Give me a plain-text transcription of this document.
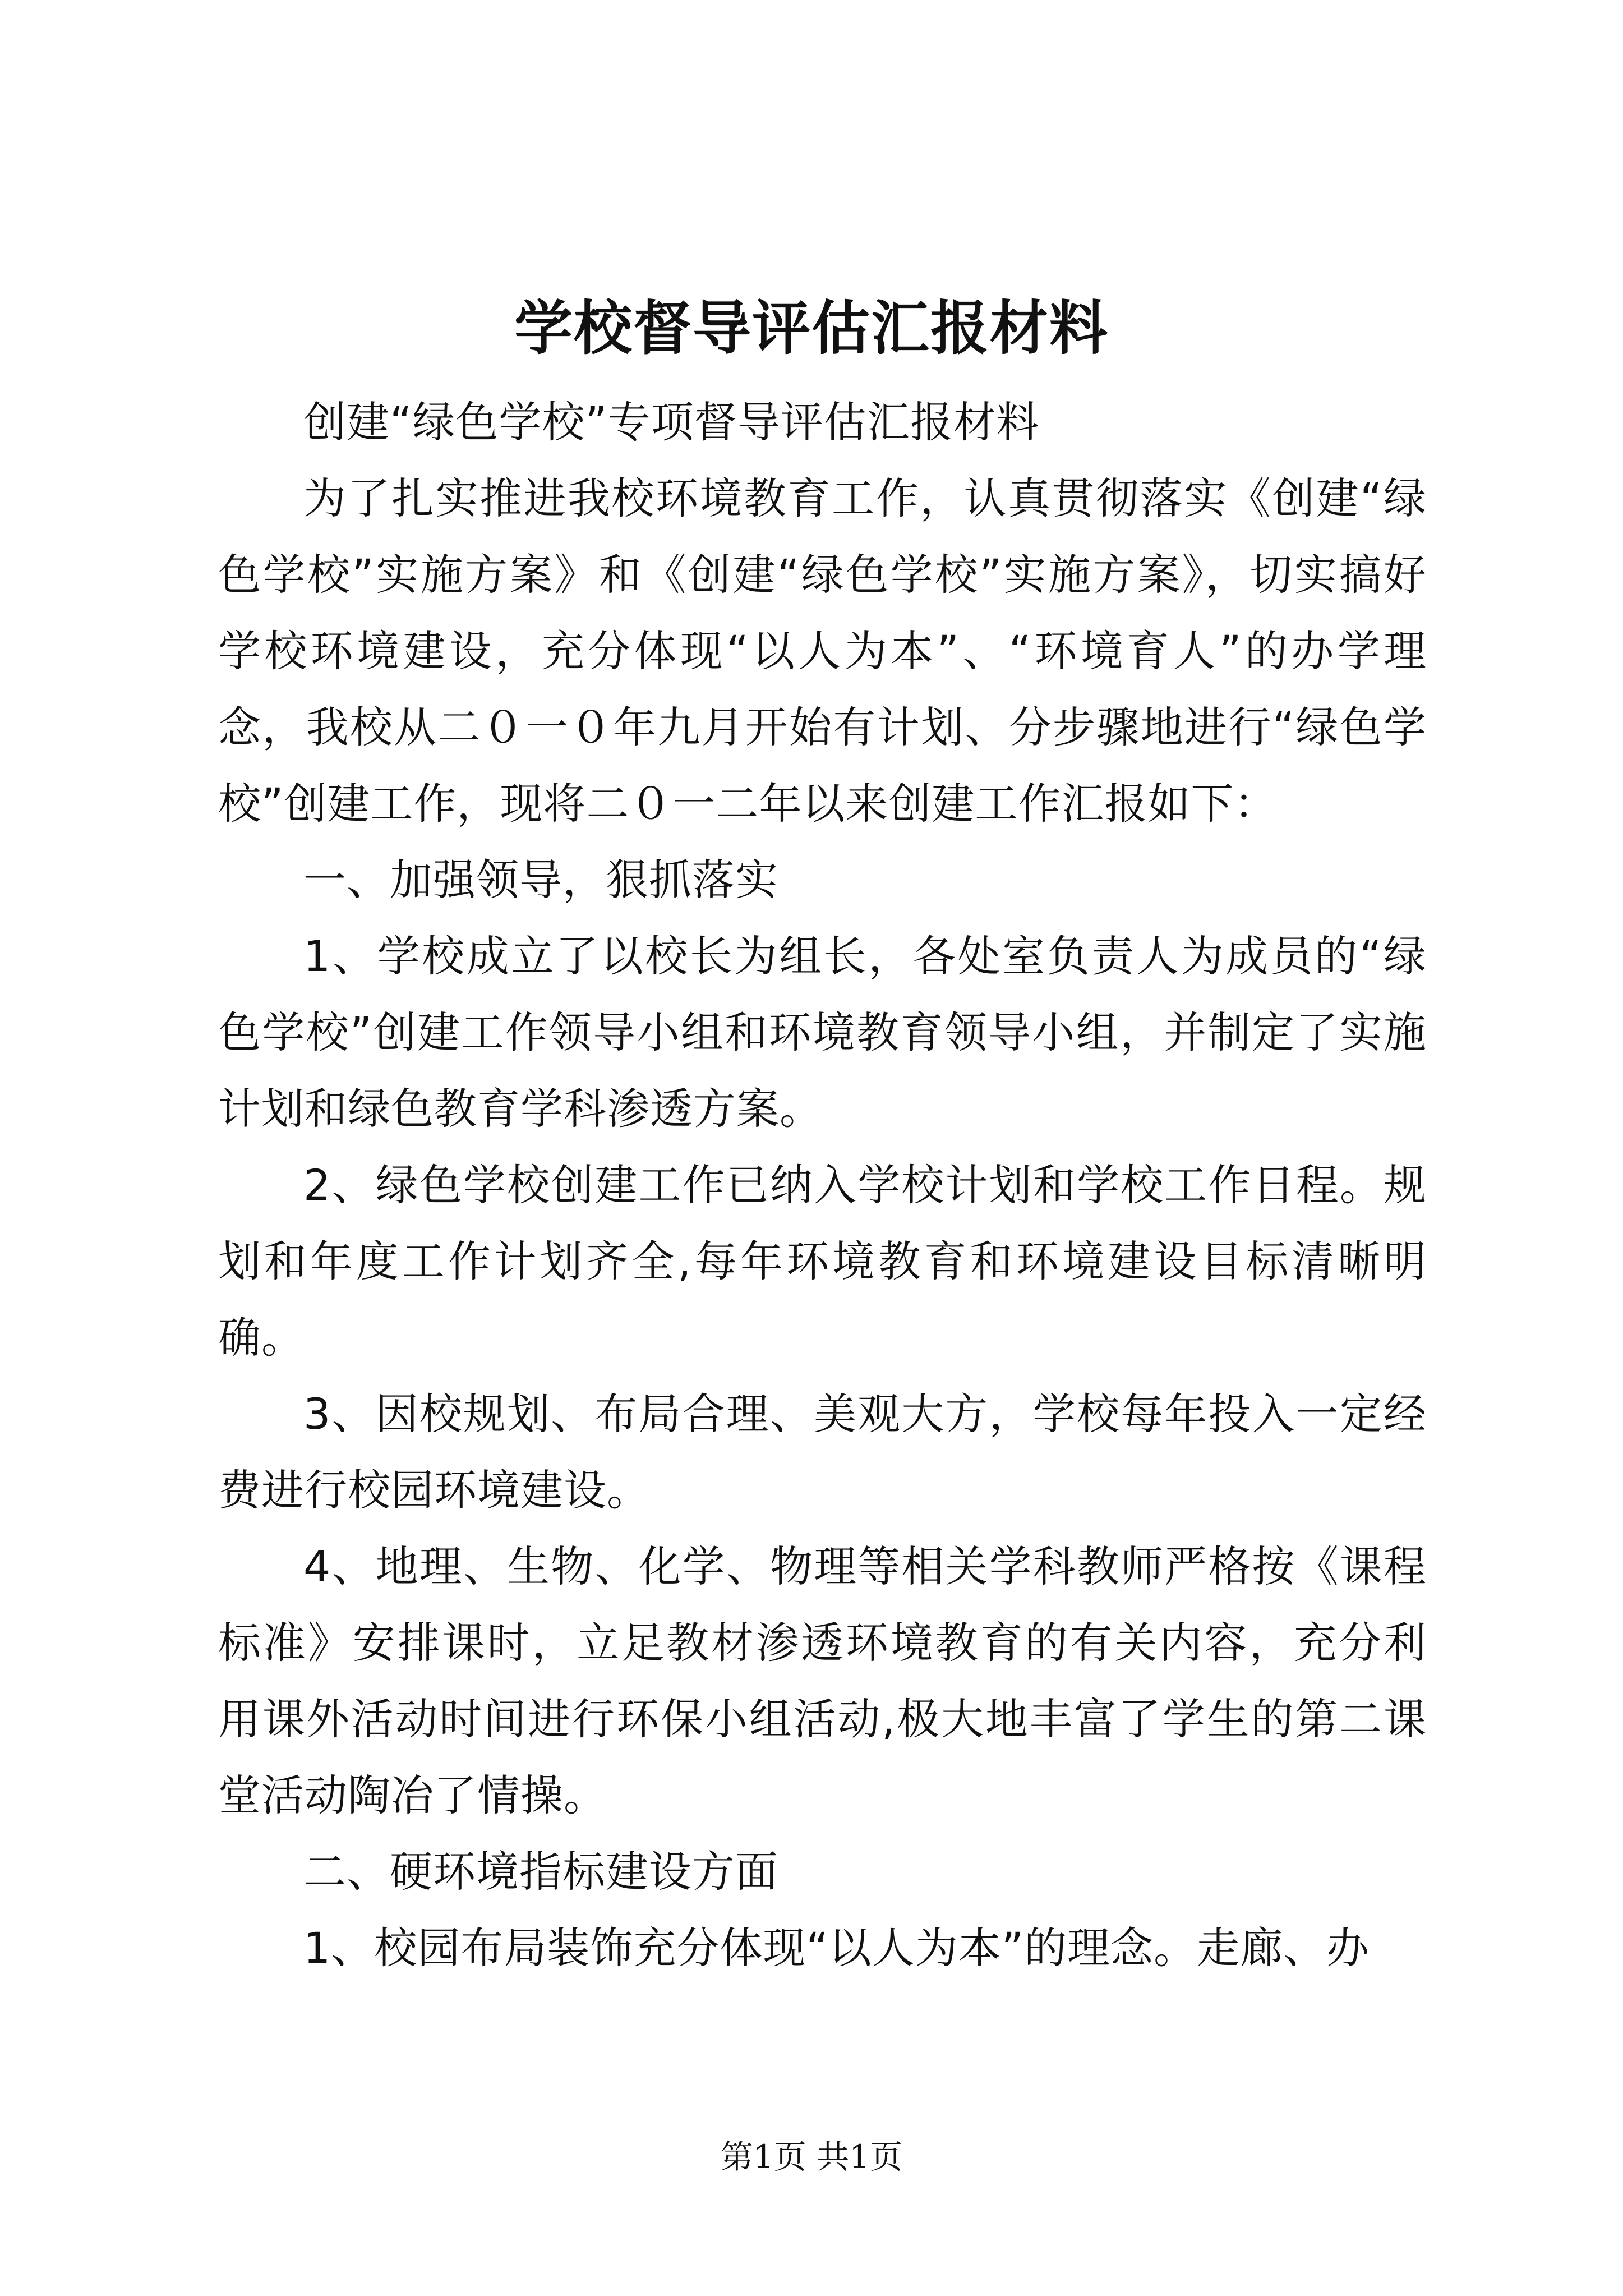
学校督导评估汇报材料

创建“绿色学校”专项督导评估汇报材料

为了扎实推进我校环境教育工作，认真贯彻落实《创建“绿色学校”实施方案》和《创建“绿色学校”实施方案》，切实搞好学校环境建设，充分体现“以人为本”、“环境育人”的办学理念，我校从二０一０年九月开始有计划、分步骤地进行“绿色学校”创建工作，现将二０一二年以来创建工作汇报如下：

一、加强领导，狠抓落实

1、学校成立了以校长为组长，各处室负责人为成员的“绿色学校”创建工作领导小组和环境教育领导小组，并制定了实施计划和绿色教育学科渗透方案。

2、绿色学校创建工作已纳入学校计划和学校工作日程。规划和年度工作计划齐全,每年环境教育和环境建设目标清晰明确。

3、因校规划、布局合理、美观大方，学校每年投入一定经费进行校园环境建设。

4、地理、生物、化学、物理等相关学科教师严格按《课程标准》安排课时，立足教材渗透环境教育的有关内容，充分利用课外活动时间进行环保小组活动,极大地丰富了学生的第二课堂活动陶冶了情操。

二、硬环境指标建设方面

1、校园布局装饰充分体现“以人为本”的理念。走廊、办

第1页 共1页
